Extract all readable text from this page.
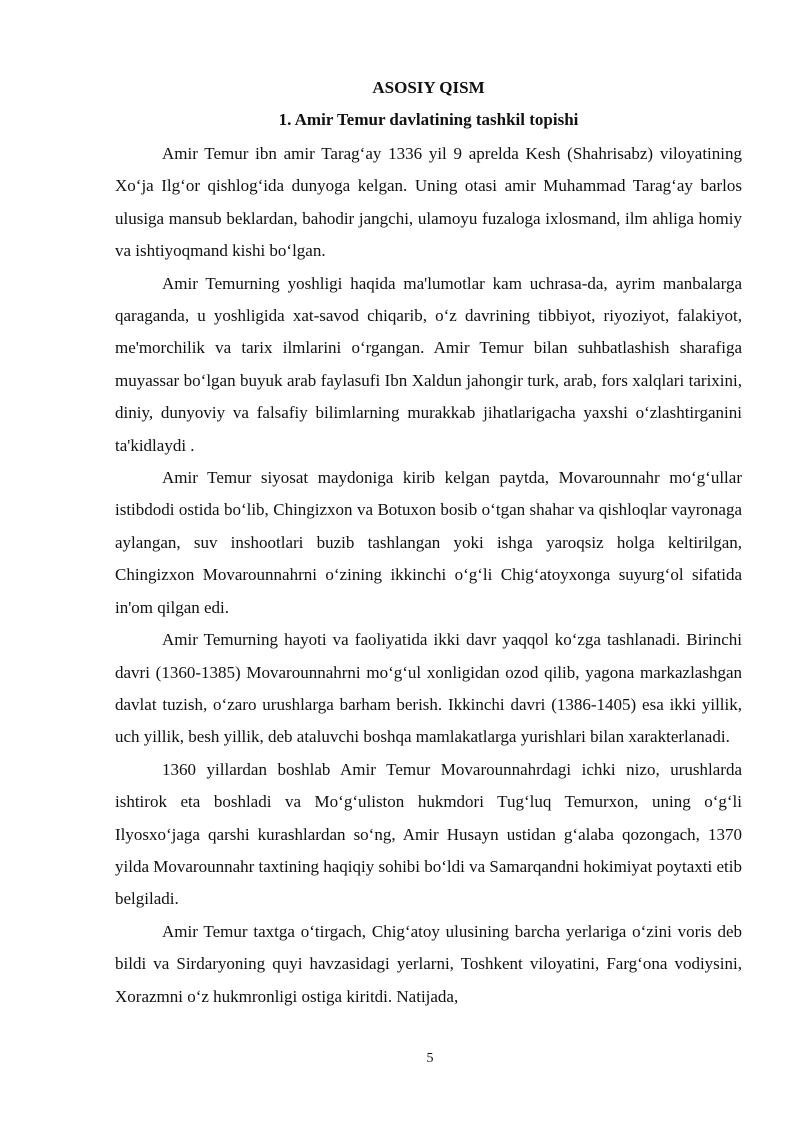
ASOSIY QISM
1. Amir Temur davlatining tashkil topishi

Amir Temur ibn amir Tarag‘ay 1336 yil 9 aprelda Kesh (Shahrisabz) viloyatining Xo‘ja Ilg‘or qishlog‘ida dunyoga kelgan. Uning otasi amir Muhammad Tarag‘ay barlos ulusiga mansub beklardan, bahodir jangchi, ulamoyu fuzaloga ixlosmand, ilm ahliga homiy va ishtiyoqmand kishi bo‘lgan.

Amir Temurning yoshligi haqida ma'lumotlar kam uchrasa-da, ayrim manbalarga qaraganda, u yoshligida xat-savod chiqarib, o‘z davrining tibbiyot, riyoziyot, falakiyot, me'morchilik va tarix ilmlarini o‘rgangan. Amir Temur bilan suhbatlashish sharafiga muyassar bo‘lgan buyuk arab faylasufi Ibn Xaldun jahongir turk, arab, fors xalqlari tarixini, diniy, dunyoviy va falsafiy bilimlarning murakkab jihatlarigacha yaxshi o‘zlashtirganini ta'kidlaydi .

Amir Temur siyosat maydoniga kirib kelgan paytda, Movarounnahr mo‘g‘ullar istibdodi ostida bo‘lib, Chingizxon va Botuxon bosib o‘tgan shahar va qishloqlar vayronaga aylangan, suv inshootlari buzib tashlangan yoki ishga yaroqsiz holga keltirilgan, Chingizxon Movarounnahrni o‘zining ikkinchi o‘g‘li Chig‘atoyxonga suyurg‘ol sifatida in'om qilgan edi.

Amir Temurning hayoti va faoliyatida ikki davr yaqqol ko‘zga tashlanadi. Birinchi davri (1360-1385) Movarounnahrni mo‘g‘ul xonligidan ozod qilib, yagona markazlashgan davlat tuzish, o‘zaro urushlarga barham berish. Ikkinchi davri (1386-1405) esa ikki yillik, uch yillik, besh yillik, deb ataluvchi boshqa mamlakatlarga yurishlari bilan xarakterlanadi.

1360 yillardan boshlab Amir Temur Movarounnahrdagi ichki nizo, urushlarda ishtirok eta boshladi va Mo‘g‘uliston hukmdori Tug‘luq Temurxon, uning o‘g‘li Ilyosxo‘jaga qarshi kurashlardan so‘ng, Amir Husayn ustidan g‘alaba qozongach, 1370 yilda Movarounnahr taxtining haqiqiy sohibi bo‘ldi va Samarqandni hokimiyat poytaxti etib belgiladi.

Amir Temur taxtga o‘tirgach, Chig‘atoy ulusining barcha yerlariga o‘zini voris deb bildi va Sirdaryoning quyi havzasidagi yerlarni, Toshkent viloyatini, Farg‘ona vodiysini, Xorazmni o‘z hukmronligi ostiga kiritdi. Natijada,

5
